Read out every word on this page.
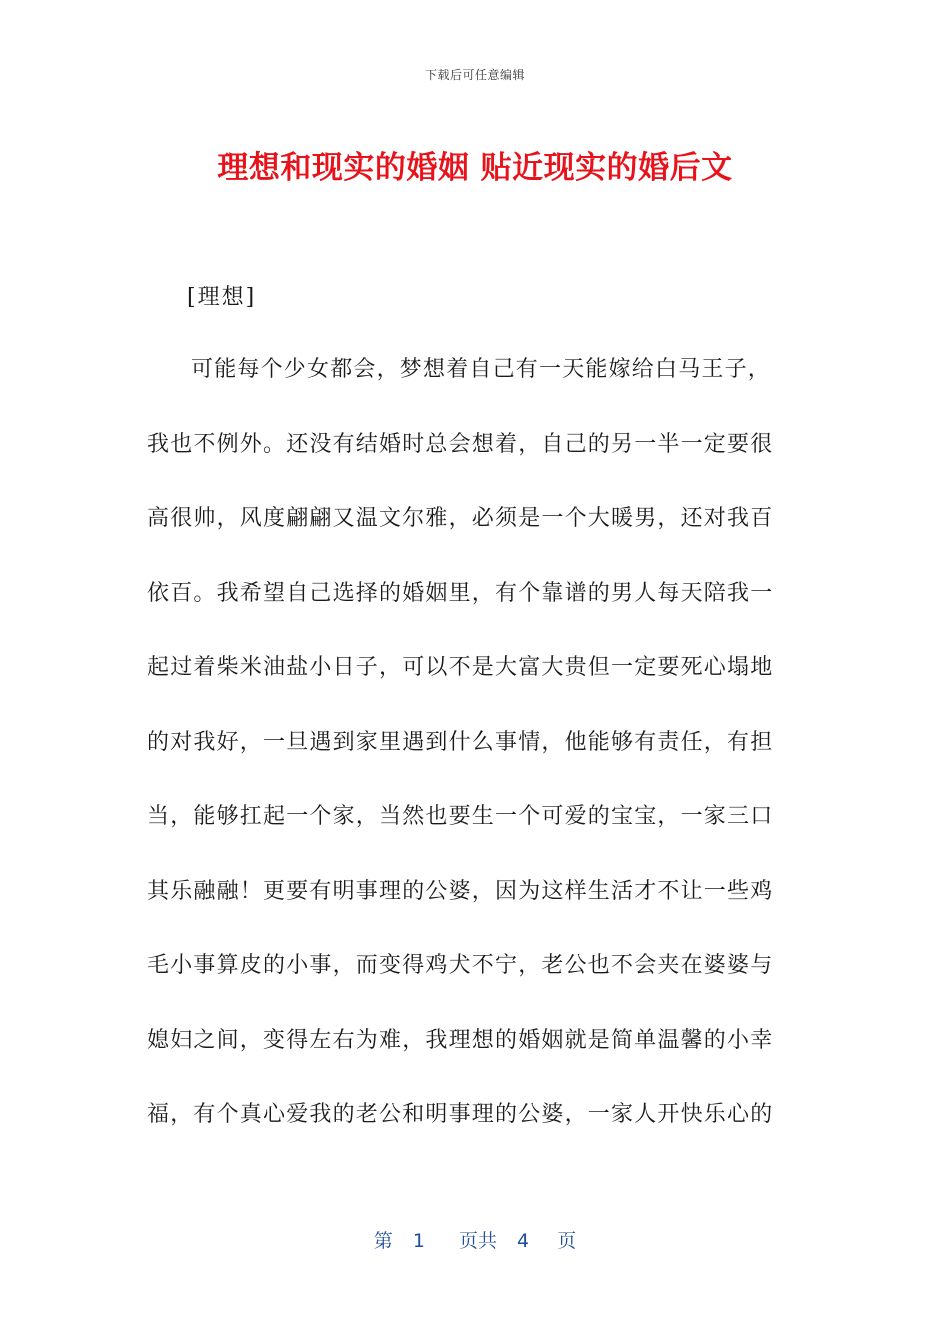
下载后可任意编辑
理想和现实的婚姻 贴近现实的婚后文
[理想]
可能每个少女都会，梦想着自己有一天能嫁给白马王子，
我也不例外。还没有结婚时总会想着，自己的另一半一定要很
高很帅，风度翩翩又温文尔雅，必须是一个大暖男，还对我百
依百。我希望自己选择的婚姻里，有个靠谱的男人每天陪我一
起过着柴米油盐小日子，可以不是大富大贵但一定要死心塌地
的对我好，一旦遇到家里遇到什么事情，他能够有责任，有担
当，能够扛起一个家，当然也要生一个可爱的宝宝，一家三口
其乐融融！更要有明事理的公婆，因为这样生活才不让一些鸡
毛小事算皮的小事，而变得鸡犬不宁，老公也不会夹在婆婆与
媳妇之间，变得左右为难，我理想的婚姻就是简单温馨的小幸
福，有个真心爱我的老公和明事理的公婆，一家人开快乐心的
第 1 页共 4 页
